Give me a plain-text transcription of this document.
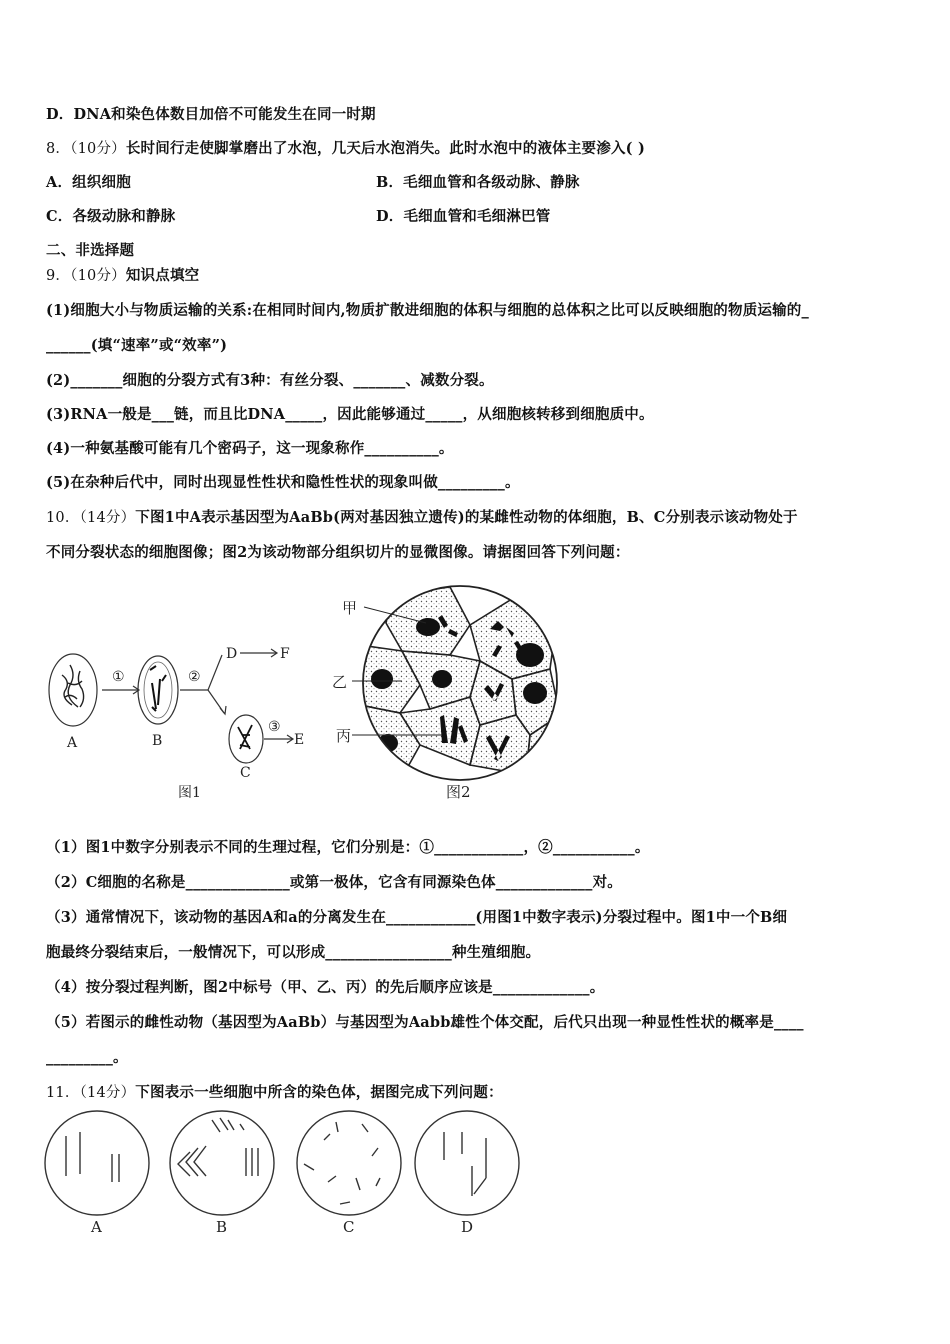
D．DNA和染色体数目加倍不可能发生在同一时期
8．（10分）长时间行走使脚掌磨出了水泡，几天后水泡消失。此时水泡中的液体主要渗入( )
A．组织细胞	B．毛细血管和各级动脉、静脉
C．各级动脉和静脉	D．毛细血管和毛细淋巴管
二、非选择题
9．（10分）知识点填空
(1)细胞大小与物质运输的关系:在相同时间内,物质扩散进细胞的体积与细胞的总体积之比可以反映细胞的物质运输的_
______(填“速率”或“效率”)
(2)_______细胞的分裂方式有3种：有丝分裂、_______、减数分裂。
(3)RNA一般是___链，而且比DNA_____，因此能够通过_____，从细胞核转移到细胞质中。
(4)一种氨基酸可能有几个密码子，这一现象称作__________。
(5)在杂种后代中，同时出现显性性状和隐性性状的现象叫做_________。
10．（14分）下图1中A表示基因型为AaBb(两对基因独立遗传)的某雌性动物的体细胞，B、C分别表示该动物处于
不同分裂状态的细胞图像；图2为该动物部分组织切片的显微图像。请据图回答下列问题：
①	②
③
D	F
E
A	B
C
图1
甲
乙
丙
图2
（1）图1中数字分别表示不同的生理过程，它们分别是：①____________，②___________。
（2）C细胞的名称是______________或第一极体，它含有同源染色体_____________对。
（3）通常情况下，该动物的基因A和a的分离发生在____________(用图1中数字表示)分裂过程中。图1中一个B细
胞最终分裂结束后，一般情况下，可以形成_________________种生殖细胞。
（4）按分裂过程判断，图2中标号（甲、乙、丙）的先后顺序应该是_____________。
（5）若图示的雌性动物（基因型为AaBb）与基因型为Aabb雄性个体交配，后代只出现一种显性性状的概率是____
_________。
11．（14分）下图表示一些细胞中所含的染色体，据图完成下列问题：
A	B	C	D
